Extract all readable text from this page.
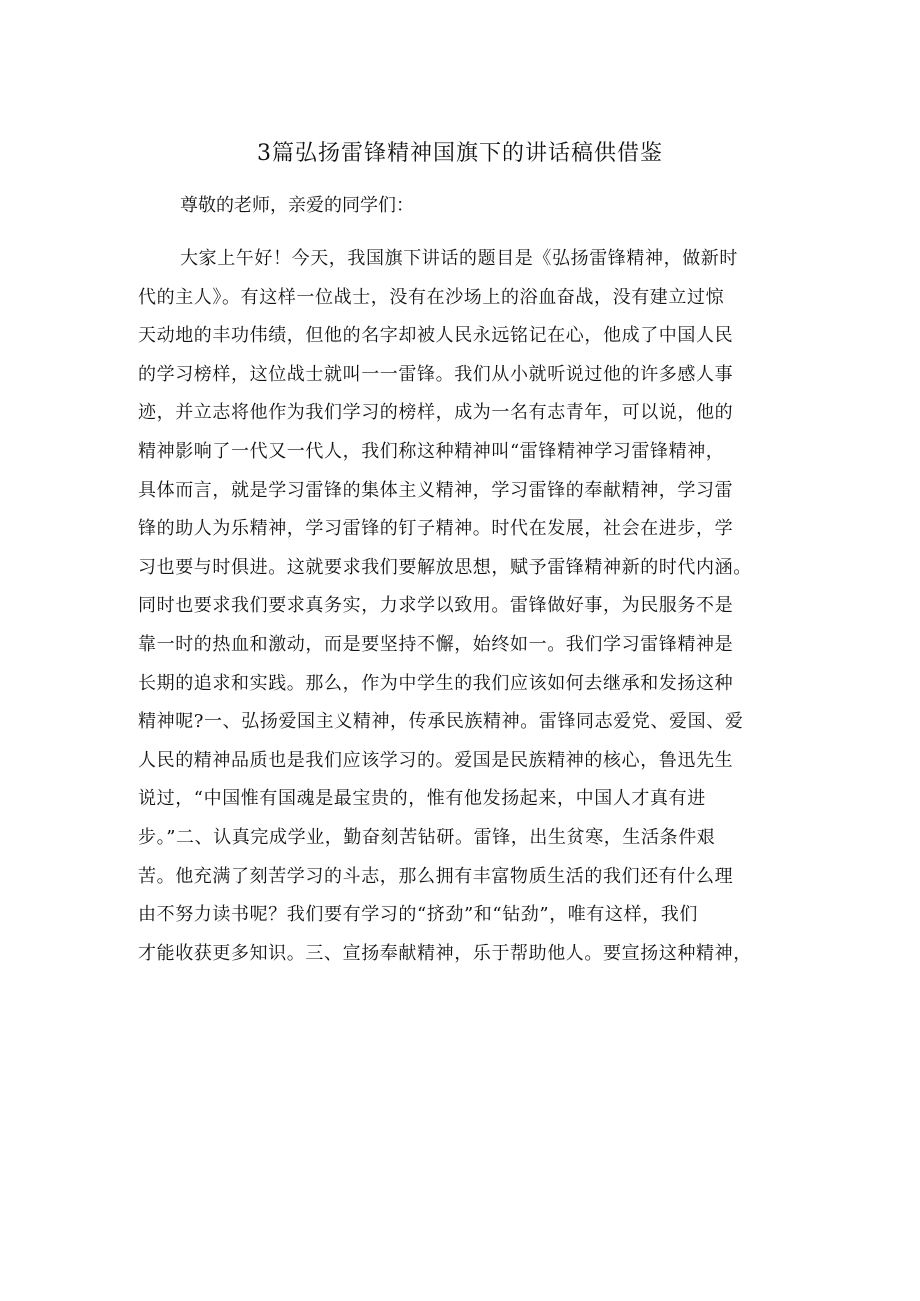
3篇弘扬雷锋精神国旗下的讲话稿供借鉴
尊敬的老师，亲爱的同学们：
大家上午好！今天，我国旗下讲话的题目是《弘扬雷锋精神，做新时
代的主人》。有这样一位战士，没有在沙场上的浴血奋战，没有建立过惊
天动地的丰功伟绩，但他的名字却被人民永远铭记在心，他成了中国人民
的学习榜样，这位战士就叫一一雷锋。我们从小就听说过他的许多感人事
迹，并立志将他作为我们学习的榜样，成为一名有志青年，可以说，他的
精神影响了一代又一代人，我们称这种精神叫“雷锋精神学习雷锋精神，
具体而言，就是学习雷锋的集体主义精神，学习雷锋的奉献精神，学习雷
锋的助人为乐精神，学习雷锋的钉子精神。时代在发展，社会在进步，学
习也要与时俱进。这就要求我们要解放思想，赋予雷锋精神新的时代内涵。
同时也要求我们要求真务实，力求学以致用。雷锋做好事，为民服务不是
靠一时的热血和激动，而是要坚持不懈，始终如一。我们学习雷锋精神是
长期的追求和实践。那么，作为中学生的我们应该如何去继承和发扬这种
精神呢?一、弘扬爱国主义精神，传承民族精神。雷锋同志爱党、爱国、爱
人民的精神品质也是我们应该学习的。爱国是民族精神的核心，鲁迅先生
说过，“中国惟有国魂是最宝贵的，惟有他发扬起来，中国人才真有进
步。”二、认真完成学业，勤奋刻苦钻研。雷锋，出生贫寒，生活条件艰
苦。他充满了刻苦学习的斗志，那么拥有丰富物质生活的我们还有什么理
由不努力读书呢？我们要有学习的“挤劲”和“钻劲”，唯有这样，我们
才能收获更多知识。三、宣扬奉献精神，乐于帮助他人。要宣扬这种精神，
